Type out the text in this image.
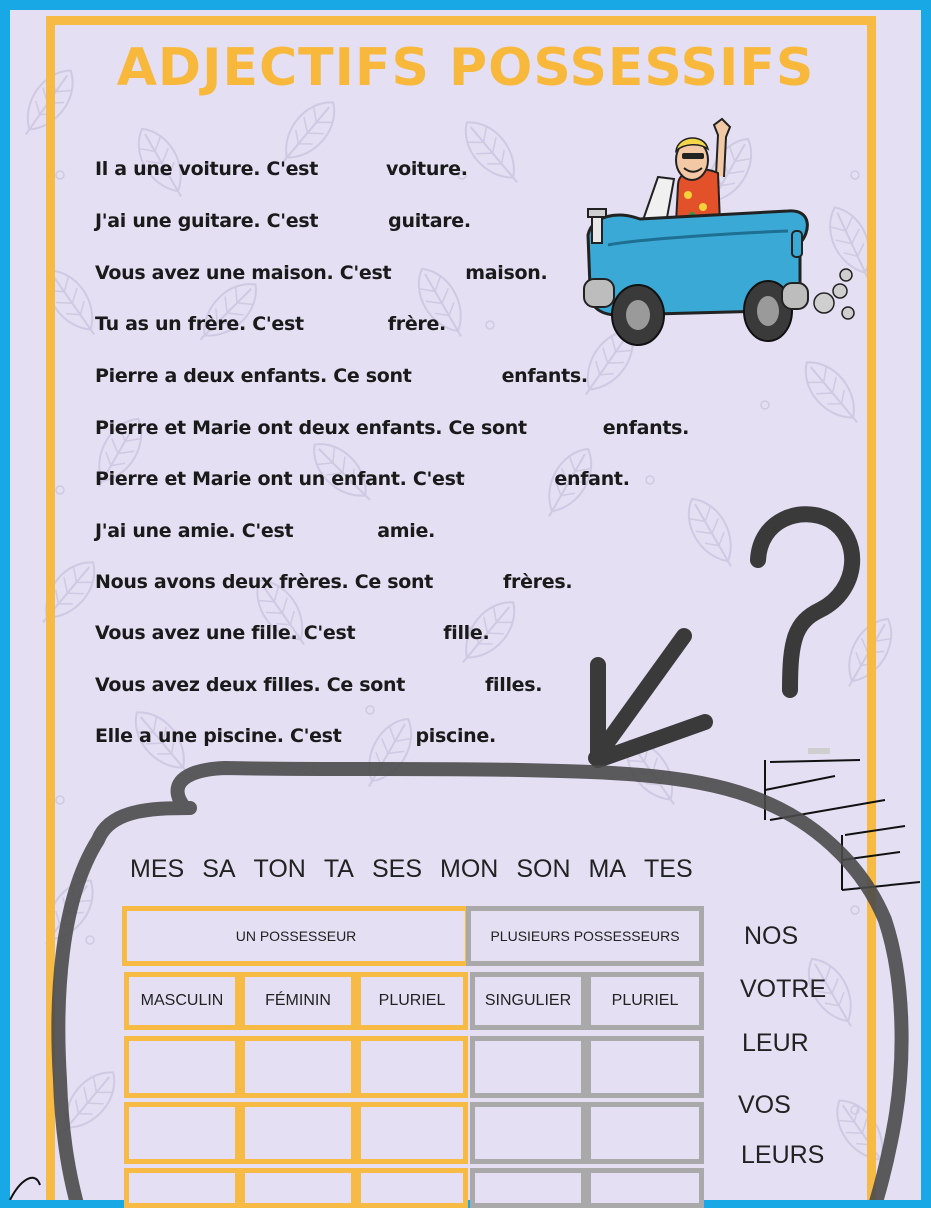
ADJECTIFS POSSESSIFS
Il a une voiture. C'est	voiture.
J'ai une guitare. C'est	guitare.
Vous avez une maison. C'est	maison.
Tu as un frère. C'est	frère.
Pierre a deux enfants. Ce sont	enfants.
Pierre et Marie ont deux enfants. Ce sont	enfants.
Pierre et Marie ont un enfant. C'est	enfant.
J'ai une amie. C'est	amie.
Nous avons deux frères. Ce sont	frères.
Vous avez une fille. C'est	fille.
Vous avez deux filles. Ce sont	filles.
Elle a une piscine. C'est	piscine.
MES SA TON TA SES MON SON MA TES
NOS
VOTRE
LEUR
VOS
LEURS
UN POSSESSEUR	PLUSIEURS POSSESSEURS
MASCULIN	FÉMININ	PLURIEL	SINGULIER	PLURIEL
